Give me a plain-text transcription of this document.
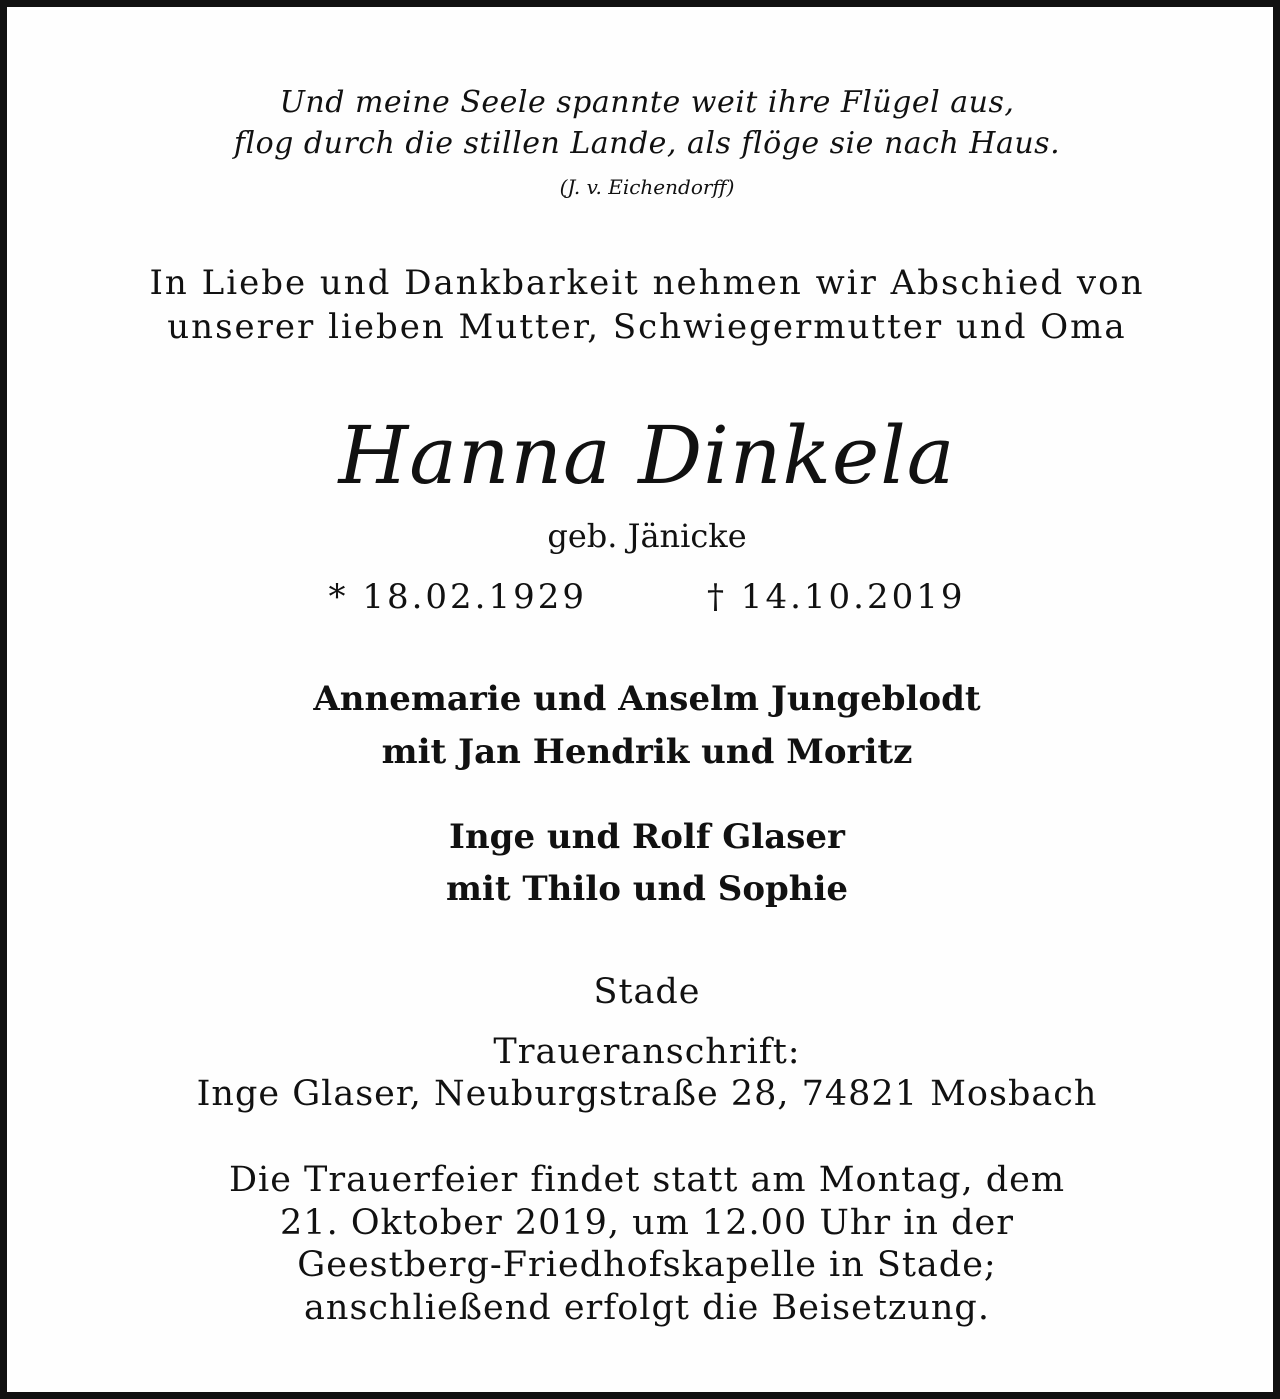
Und meine Seele spannte weit ihre Flügel aus,
flog durch die stillen Lande, als flöge sie nach Haus.
(J. v. Eichendorff)
In Liebe und Dankbarkeit nehmen wir Abschied von
unserer lieben Mutter, Schwiegermutter und Oma
Hanna Dinkela
geb. Jänicke
* 18.02.1929	† 14.10.2019
Annemarie und Anselm Jungeblodt
mit Jan Hendrik und Moritz
Inge und Rolf Glaser
mit Thilo und Sophie
Stade
Traueranschrift:
Inge Glaser, Neuburgstraße 28, 74821 Mosbach
Die Trauerfeier findet statt am Montag, dem
21. Oktober 2019, um 12.00 Uhr in der
Geestberg-Friedhofskapelle in Stade;
anschließend erfolgt die Beisetzung.
